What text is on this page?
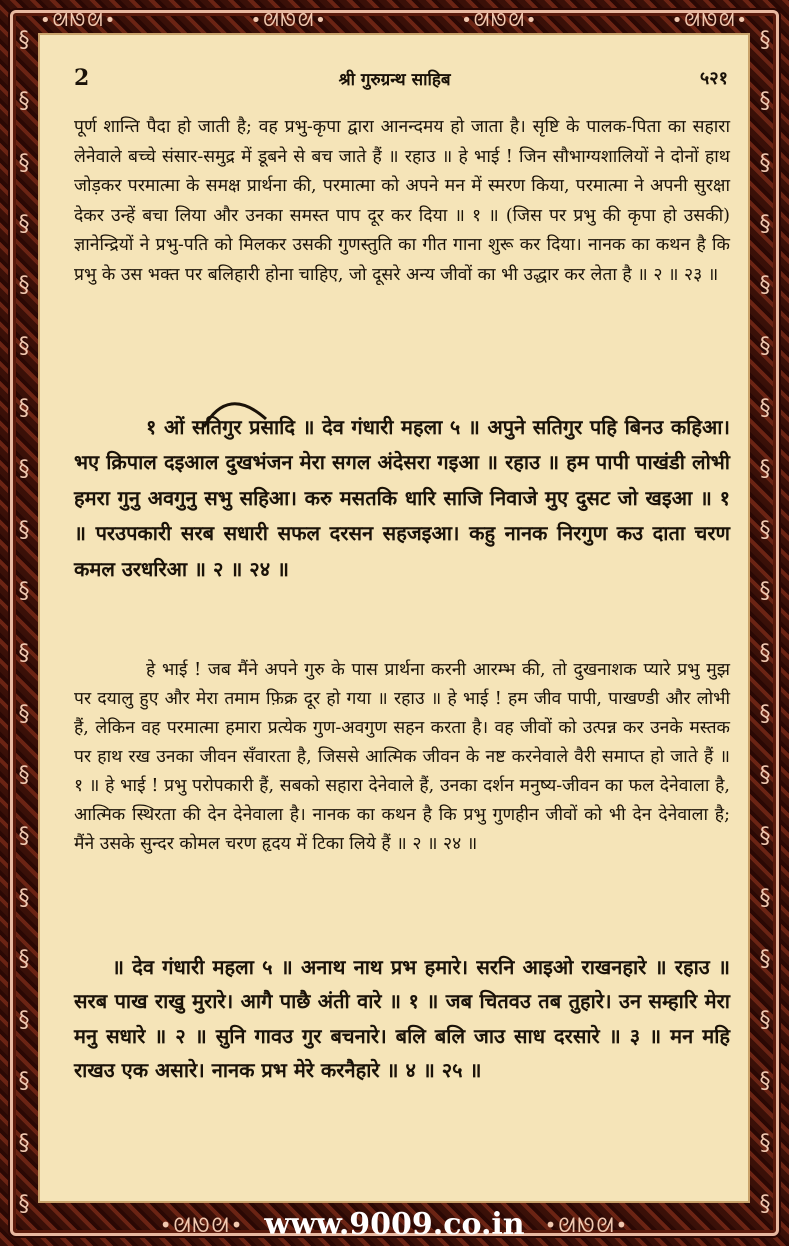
•ᘛᘚᘛ•	•ᘛᘚᘛ•	•ᘛᘚᘛ•	•ᘛᘚᘛ•
§
§
§
§
§
§
§
§
§
§
§
§
§
§
§
§
§
§
§
§
§
§
§
§
§
§
§
§
§
§
§
§
§
§
§
§
§
§
§
§
2	श्री गुरुग्रन्थ साहिब	५२१
पूर्ण शान्ति पैदा हो जाती है; वह प्रभु-कृपा द्वारा आनन्दमय हो जाता है। सृष्टि के पालक-पिता का सहारा लेनेवाले बच्चे संसार-समुद्र में डूबने से बच जाते हैं ॥ रहाउ ॥ हे भाई ! जिन सौभाग्यशालियों ने दोनों हाथ जोड़कर परमात्मा के समक्ष प्रार्थना की, परमात्मा को अपने मन में स्मरण किया, परमात्मा ने अपनी सुरक्षा देकर उन्हें बचा लिया और उनका समस्त पाप दूर कर दिया ॥ १ ॥ (जिस पर प्रभु की कृपा हो उसकी) ज्ञानेन्द्रियों ने प्रभु-पति को मिलकर उसकी गुणस्तुति का गीत गाना शुरू कर दिया। नानक का कथन है कि प्रभु के उस भक्त पर बलिहारी होना चाहिए, जो दूसरे अन्य जीवों का भी उद्धार कर लेता है ॥ २ ॥ २३ ॥
१ ओं सतिगुर प्रसादि ॥ देव गंधारी महला ५ ॥ अपुने सतिगुर पहि बिनउ कहिआ। भए क्रिपाल दइआल दुखभंजन मेरा सगल अंदेसरा गइआ ॥ रहाउ ॥ हम पापी पाखंडी लोभी हमरा गुनु अवगुनु सभु सहिआ। करु मसतकि धारि साजि निवाजे मुए दुसट जो खइआ ॥ १ ॥ परउपकारी सरब सधारी सफल दरसन सहजइआ। कहु नानक निरगुण कउ दाता चरण कमल उरधरिआ ॥ २ ॥ २४ ॥
हे भाई ! जब मैंने अपने गुरु के पास प्रार्थना करनी आरम्भ की, तो दुखनाशक प्यारे प्रभु मुझ पर दयालु हुए और मेरा तमाम फ़िक्र दूर हो गया ॥ रहाउ ॥ हे भाई ! हम जीव पापी, पाखण्डी और लोभी हैं, लेकिन वह परमात्मा हमारा प्रत्येक गुण-अवगुण सहन करता है। वह जीवों को उत्पन्न कर उनके मस्तक पर हाथ रख उनका जीवन सँवारता है, जिससे आत्मिक जीवन के नष्ट करनेवाले वैरी समाप्त हो जाते हैं ॥ १ ॥ हे भाई ! प्रभु परोपकारी हैं, सबको सहारा देनेवाले हैं, उनका दर्शन मनुष्य-जीवन का फल देनेवाला है, आत्मिक स्थिरता की देन देनेवाला है। नानक का कथन है कि प्रभु गुणहीन जीवों को भी देन देनेवाला है; मैंने उसके सुन्दर कोमल चरण हृदय में टिका लिये हैं ॥ २ ॥ २४ ॥
॥ देव गंधारी महला ५ ॥ अनाथ नाथ प्रभ हमारे। सरनि आइओ राखनहारे ॥ रहाउ ॥ सरब पाख राखु मुरारे। आगै पाछै अंती वारे ॥ १ ॥ जब चितवउ तब तुहारे। उन सम्हारि मेरा मनु सधारे ॥ २ ॥ सुनि गावउ गुर बचनारे। बलि बलि जाउ साध दरसारे ॥ ३ ॥ मन महि राखउ एक असारे। नानक प्रभ मेरे करनैहारे ॥ ४ ॥ २५ ॥
•ᘛᘚᘛ• www.9009.co.in •ᘛᘚᘛ•
